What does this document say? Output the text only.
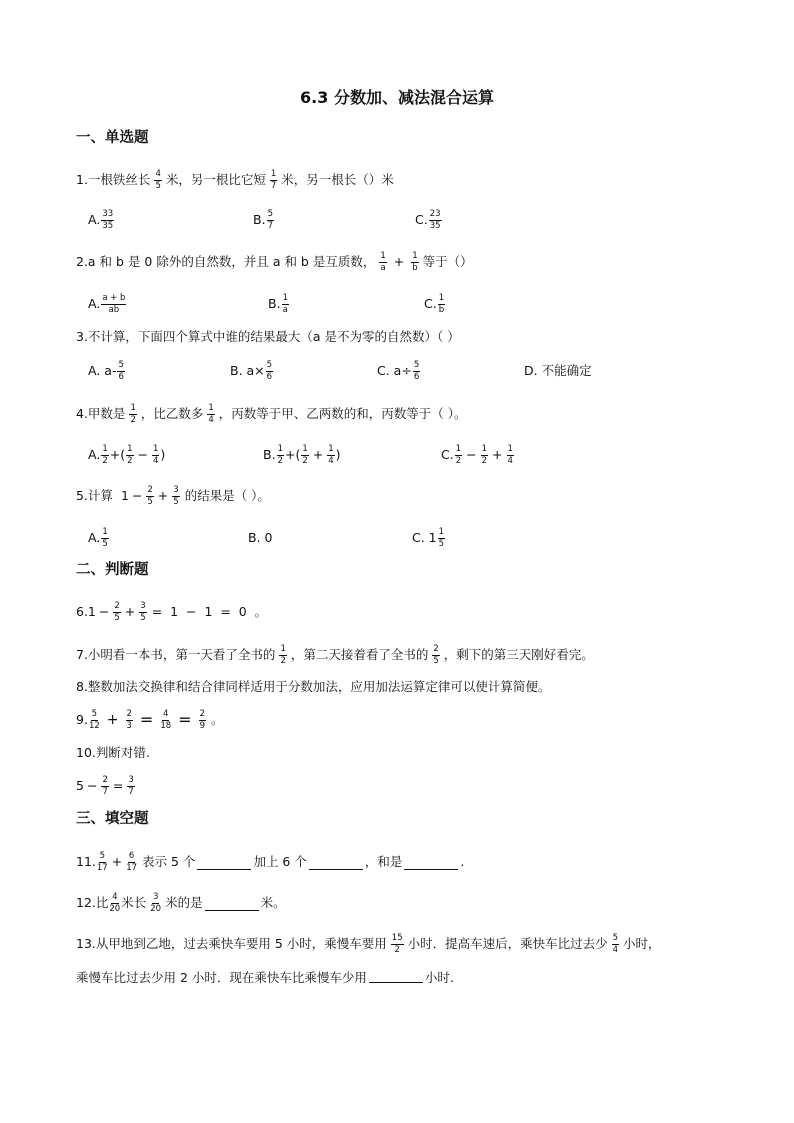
6.3 分数加、减法混合运算
一、单选题
1.一根铁丝长 $\frac{4}{5}$ 米，另一根比它短 $\frac{1}{7}$ 米，另一根长（）米
A. $\frac{33}{35}$	B. $\frac{5}{7}$	C. $\frac{23}{35}$
2.a 和 b 是 0 除外的自然数，并且 a 和 b 是互质数， $\frac{1}{a} + \frac{1}{b}$ 等于（）
A. $\frac{a + b}{ab}$	B. $\frac{1}{a}$	C. $\frac{1}{b}$
3.不计算，下面四个算式中谁的结果最大（a 是不为零的自然数）（ ）
A. $a- \frac{5}{6}$	B. $a\times \frac{5}{6}$	C. $a\div \frac{5}{6}$	D. 不能确定
4.甲数是 $\frac{1}{2}$ ，比乙数多 $\frac{1}{4}$ ，丙数等于甲、乙两数的和，丙数等于（ ）。
A. $\frac{1}{2}$ +( $\frac{1}{2} - \frac{1}{4}$ )	B. $\frac{1}{2}$ +( $\frac{1}{2} + \frac{1}{4}$ )	C. $\frac{1}{2} - \frac{1}{2} + \frac{1}{4}$
5.计算 $1 - \frac{2}{5} + \frac{3}{5}$ 的结果是（ ）。
A. $\frac{1}{5}$	B. 0	C. $1 \frac{1}{5}$
二、判断题
$6.1 - \frac{2}{5} + \frac{3}{5} = 1 - 1 = 0$  。
7.小明看一本书，第一天看了全书的 $\frac{1}{2}$ ，第二天接着看了全书的 $\frac{2}{5}$ ，剩下的第三天刚好看完。
8.整数加法交换律和结合律同样适用于分数加法，应用加法运算定律可以使计算简便。
9. $\frac{5}{12} + \frac{2}{3} = \frac{4}{18} = \frac{2}{9}$ 。
10.判断对错.
$5 - \frac{2}{7} = \frac{3}{7}$
三、填空题
11. $\frac{5}{17} + \frac{6}{17}$ 表示 5 个	加上 6 个	，和是	.
12.比 $\frac{4}{20}$ 米长 $\frac{3}{20}$ 米的是	米。
13.从甲地到乙地，过去乘快车要用 5 小时，乘慢车要用 $\frac{15}{2}$ 小时．提高车速后，乘快车比过去少 $\frac{5}{4}$ 小时，
乘慢车比过去少用 2 小时．现在乘快车比乘慢车少用	小时.
